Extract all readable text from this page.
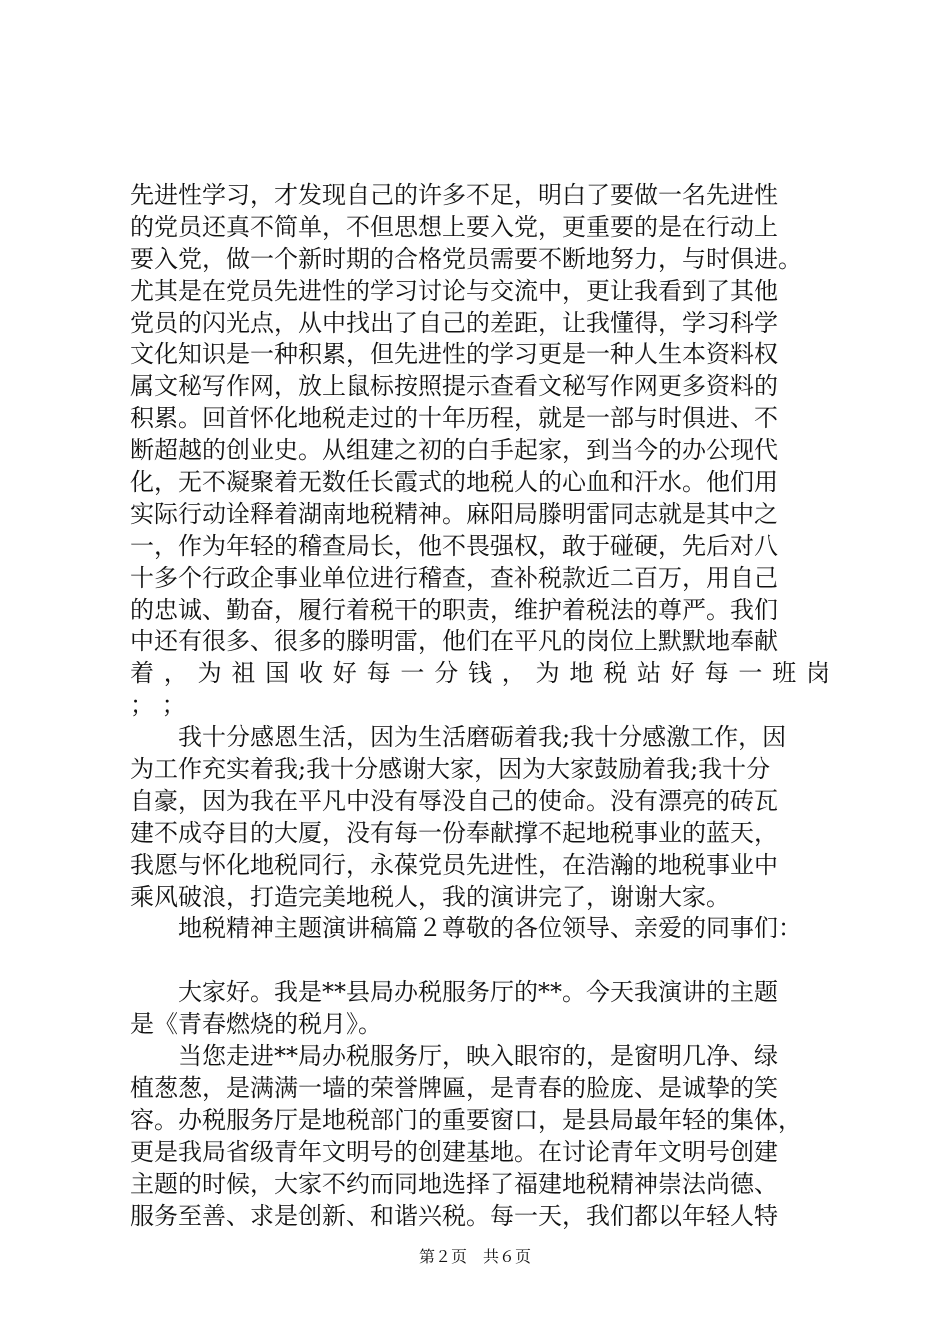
先进性学习，才发现自己的许多不足，明白了要做一名先进性
的党员还真不简单，不但思想上要入党，更重要的是在行动上
要入党，做一个新时期的合格党员需要不断地努力，与时俱进。
尤其是在党员先进性的学习讨论与交流中，更让我看到了其他
党员的闪光点，从中找出了自己的差距，让我懂得，学习科学
文化知识是一种积累，但先进性的学习更是一种人生本资料权
属文秘写作网，放上鼠标按照提示查看文秘写作网更多资料的
积累。回首怀化地税走过的十年历程，就是一部与时俱进、不
断超越的创业史。从组建之初的白手起家，到当今的办公现代
化，无不凝聚着无数任长霞式的地税人的心血和汗水。他们用
实际行动诠释着湖南地税精神。麻阳局滕明雷同志就是其中之
一，作为年轻的稽查局长，他不畏强权，敢于碰硬，先后对八
十多个行政企事业单位进行稽查，查补税款近二百万，用自己
的忠诚、勤奋，履行着税干的职责，维护着税法的尊严。我们
中还有很多、很多的滕明雷，他们在平凡的岗位上默默地奉献
着，为祖国收好每一分钱，为地税站好每一班岗
； ；
　　我十分感恩生活，因为生活磨砺着我;我十分感激工作，因
为工作充实着我;我十分感谢大家，因为大家鼓励着我;我十分
自豪，因为我在平凡中没有辱没自己的使命。没有漂亮的砖瓦
建不成夺目的大厦，没有每一份奉献撑不起地税事业的蓝天，
我愿与怀化地税同行，永葆党员先进性，在浩瀚的地税事业中
乘风破浪，打造完美地税人，我的演讲完了，谢谢大家。
　　地税精神主题演讲稿篇２尊敬的各位领导、亲爱的同事们：
　　大家好。我是**县局办税服务厅的**。今天我演讲的主题
是《青春燃烧的税月》。
　　当您走进**局办税服务厅，映入眼帘的，是窗明几净、绿
植葱葱，是满满一墙的荣誉牌匾，是青春的脸庞、是诚挚的笑
容。办税服务厅是地税部门的重要窗口，是县局最年轻的集体，
更是我局省级青年文明号的创建基地。在讨论青年文明号创建
主题的时候，大家不约而同地选择了福建地税精神崇法尚德、
服务至善、求是创新、和谐兴税。每一天，我们都以年轻人特
第２页　共６页
